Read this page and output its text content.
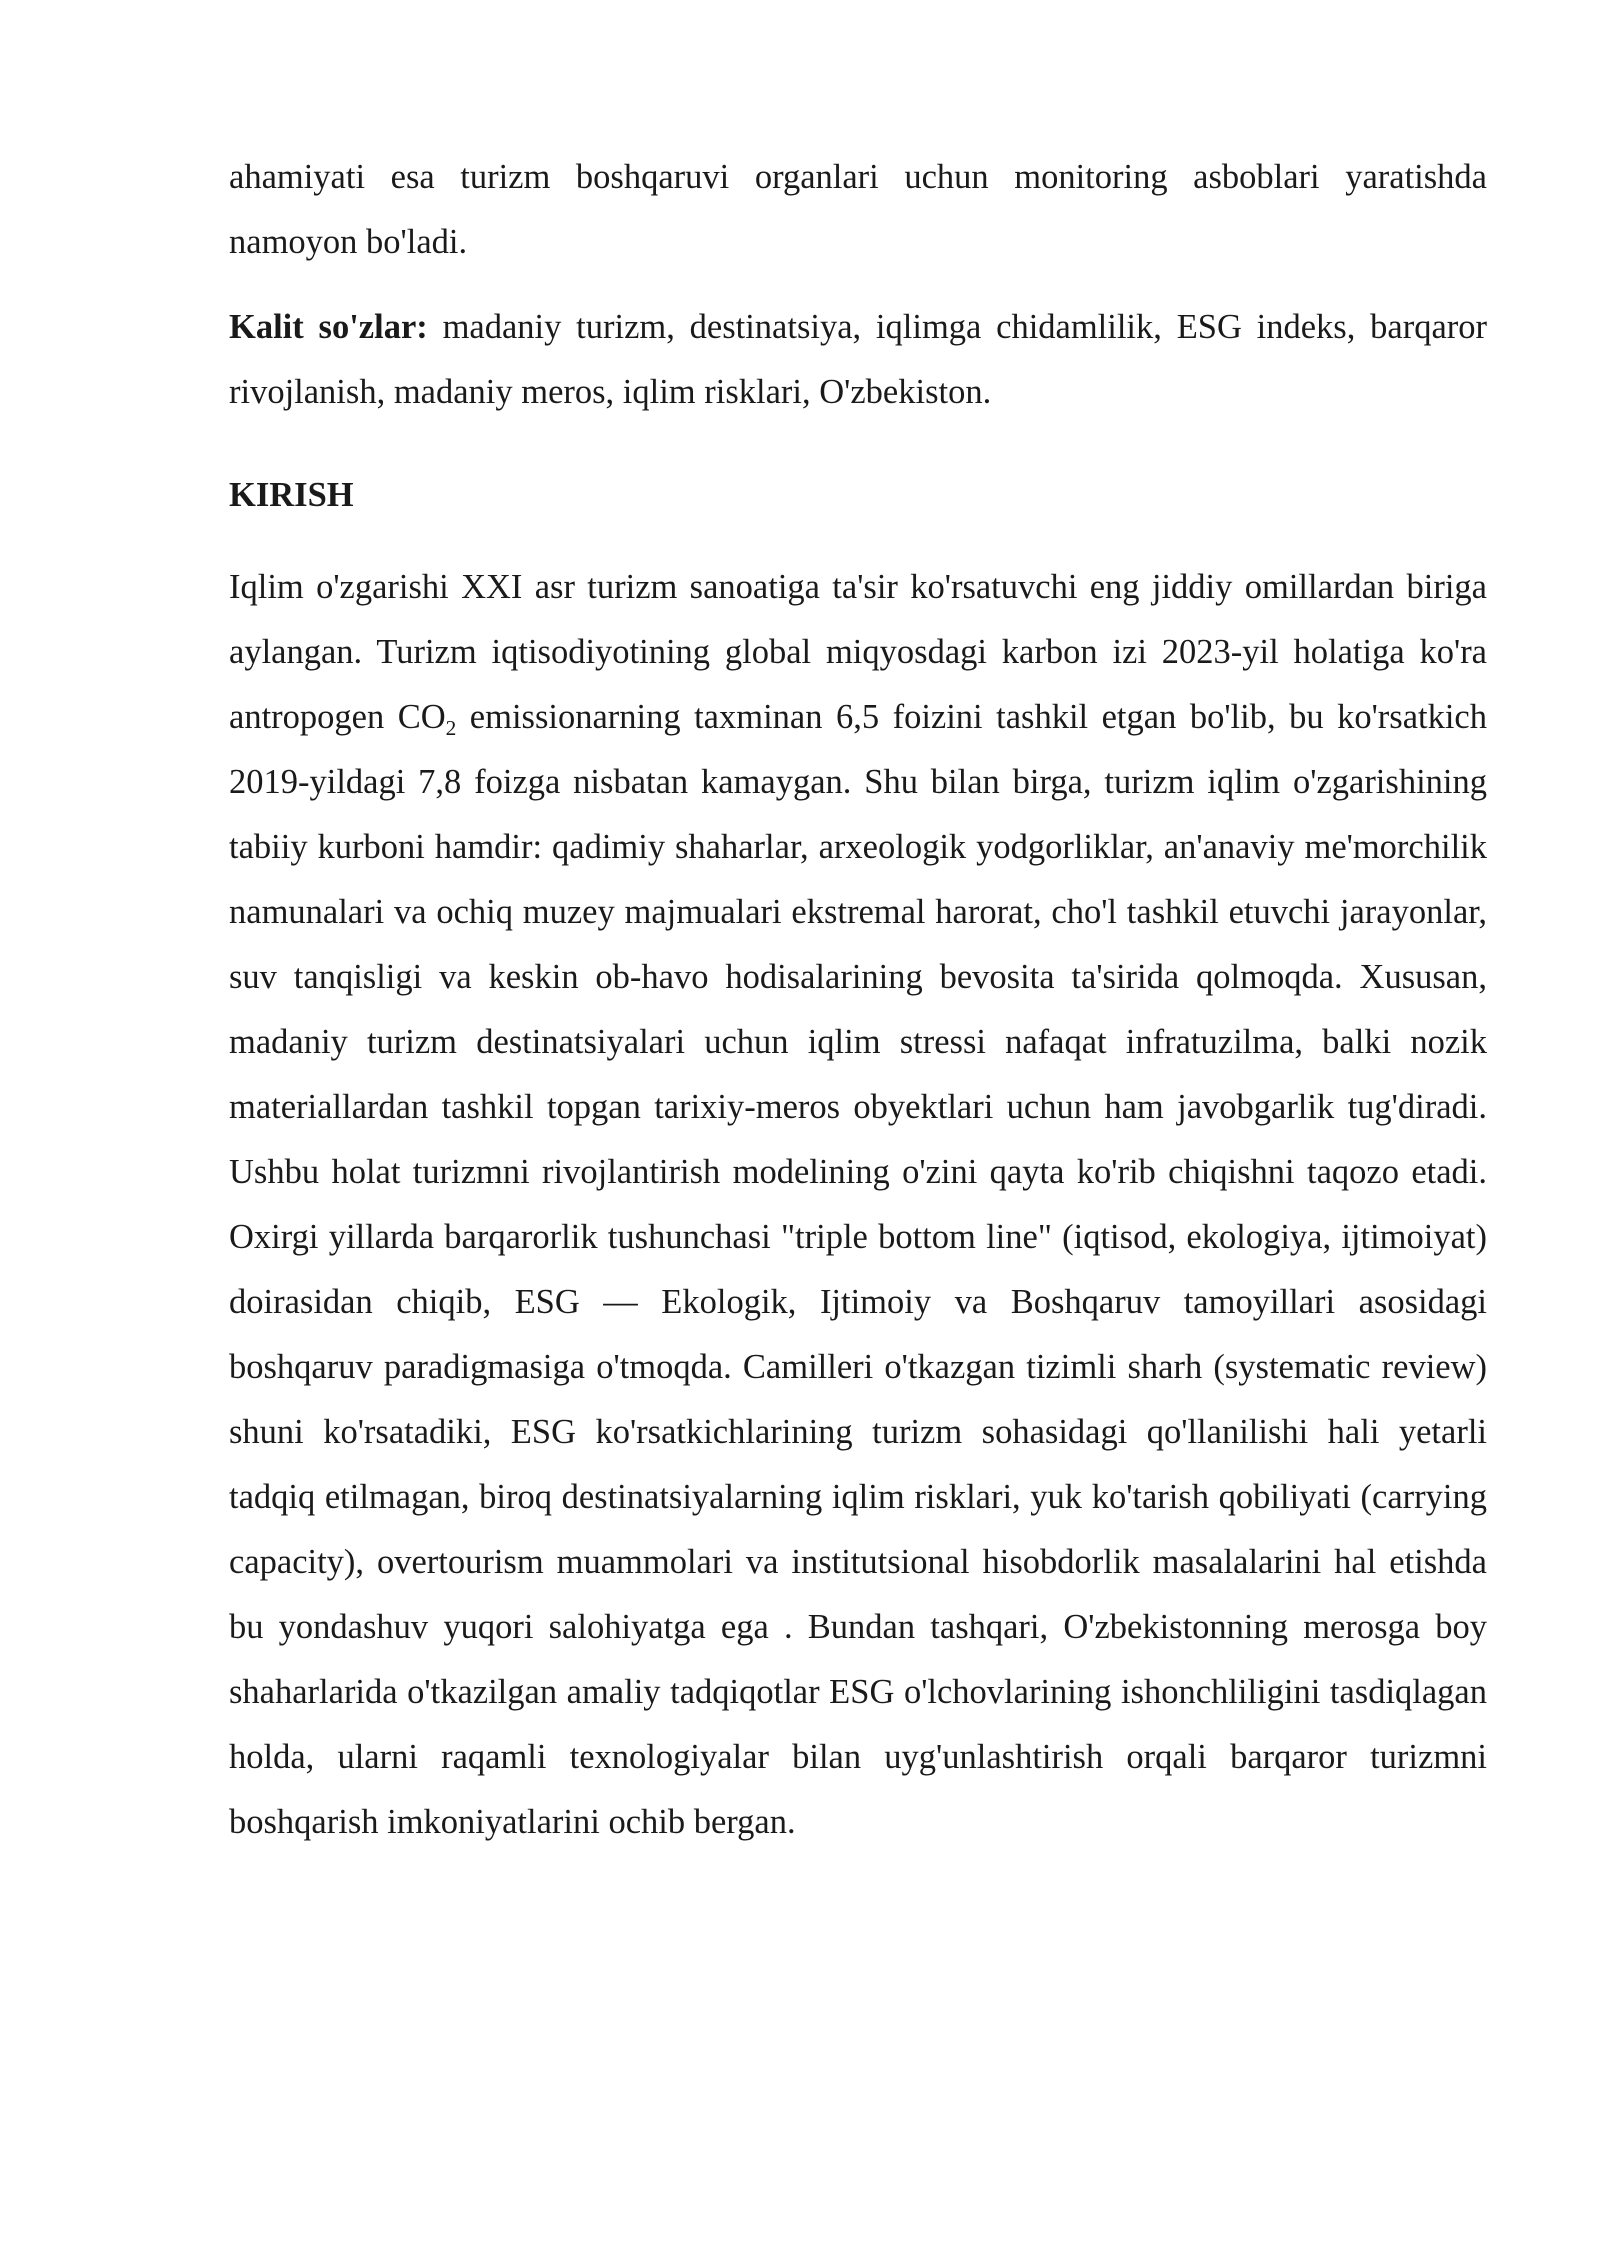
ahamiyati esa turizm boshqaruvi organlari uchun monitoring asboblari yaratishda namoyon bo'ladi.

Kalit so'zlar: madaniy turizm, destinatsiya, iqlimga chidamlilik, ESG indeks, barqaror rivojlanish, madaniy meros, iqlim risklari, O'zbekiston.

KIRISH

Iqlim o'zgarishi XXI asr turizm sanoatiga ta'sir ko'rsatuvchi eng jiddiy omillardan biriga aylangan. Turizm iqtisodiyotining global miqyosdagi karbon izi 2023-yil holatiga ko'ra antropogen $CO_2$ emissionarning taxminan 6,5 foizini tashkil etgan bo'lib, bu ko'rsatkich 2019-yildagi 7,8 foizga nisbatan kamaygan. Shu bilan birga, turizm iqlim o'zgarishining tabiiy kurboni hamdir: qadimiy shaharlar, arxeologik yodgorliklar, an'anaviy me'morchilik namunalari va ochiq muzey majmualari ekstremal harorat, cho'l tashkil etuvchi jarayonlar, suv tanqisligi va keskin ob-havo hodisalarining bevosita ta'sirida qolmoqda. Xususan, madaniy turizm destinatsiyalari uchun iqlim stressi nafaqat infratuzilma, balki nozik materiallardan tashkil topgan tarixiy-meros obyektlari uchun ham javobgarlik tug'diradi. Ushbu holat turizmni rivojlantirish modelining o'zini qayta ko'rib chiqishni taqozo etadi. Oxirgi yillarda barqarorlik tushunchasi "triple bottom line" (iqtisod, ekologiya, ijtimoiyat) doirasidan chiqib, ESG — Ekologik, Ijtimoiy va Boshqaruv tamoyillari asosidagi boshqaruv paradigmasiga o'tmoqda. Camilleri o'tkazgan tizimli sharh (systematic review) shuni ko'rsatadiki, ESG ko'rsatkichlarining turizm sohasidagi qo'llanilishi hali yetarli tadqiq etilmagan, biroq destinatsiyalarning iqlim risklari, yuk ko'tarish qobiliyati (carrying capacity), overtourism muammolari va institutsional hisobdorlik masalalarini hal etishda bu yondashuv yuqori salohiyatga ega . Bundan tashqari, O'zbekistonning merosga boy shaharlarida o'tkazilgan amaliy tadqiqotlar ESG o'lchovlarining ishonchliligini tasdiqlagan holda, ularni raqamli texnologiyalar bilan uyg'unlashtirish orqali barqaror turizmni boshqarish imkoniyatlarini ochib bergan.
